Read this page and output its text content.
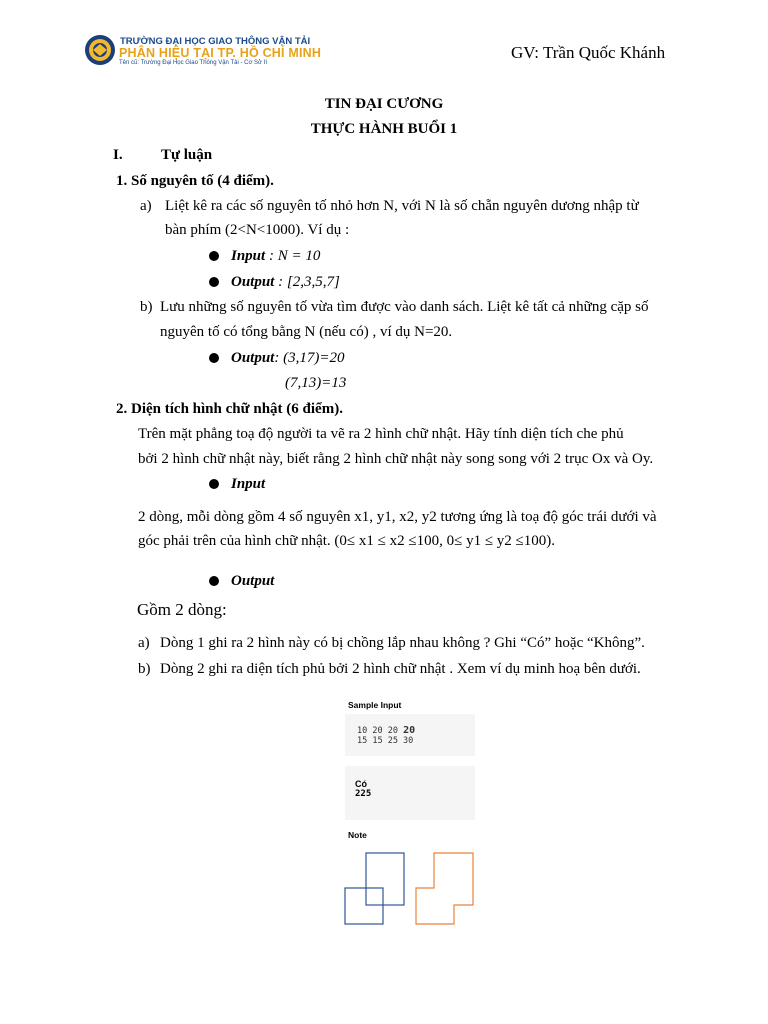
TRƯỜNG ĐẠI HỌC GIAO THÔNG VẬN TẢI
PHÂN HIỆU TẠI TP. HỒ CHÍ MINH
Tên cũ: Trường Đại Học Giao Thông Vận Tải - Cơ Sở II
GV: Trần Quốc Khánh
TIN ĐẠI CƯƠNG
THỰC HÀNH BUỔI 1
I.	Tự luận
1. Số nguyên tố (4 điểm).
a) Liệt kê ra các số nguyên tố nhỏ hơn N, với N là số chẵn nguyên dương nhập từ
bàn phím (2<N<1000). Ví dụ :
Input : N = 10
Output : [2,3,5,7]
b) Lưu những số nguyên tố vừa tìm được vào danh sách. Liệt kê tất cả những cặp số
nguyên tố có tổng bằng N (nếu có) , ví dụ N=20.
Output: (3,17)=20
(7,13)=13
2. Diện tích hình chữ nhật (6 điểm).
Trên mặt phẳng toạ độ người ta vẽ ra 2 hình chữ nhật. Hãy tính diện tích che phủ
bởi 2 hình chữ nhật này, biết rằng 2 hình chữ nhật này song song với 2 trục Ox và Oy.
Input
2 dòng, mỗi dòng gồm 4 số nguyên x1, y1, x2, y2 tương ứng là toạ độ góc trái dưới và
góc phải trên của hình chữ nhật. (0≤ x1 ≤ x2 ≤100, 0≤ y1 ≤ y2 ≤100).
Output
Gồm 2 dòng:
a) Dòng 1 ghi ra 2 hình này có bị chồng lắp nhau không ? Ghi “Có” hoặc “Không”.
b) Dòng 2 ghi ra diện tích phủ bởi 2 hình chữ nhật . Xem ví dụ minh hoạ bên dưới.
Sample Input
10 20 20 20
15 15 25 30
Có
225
Note
